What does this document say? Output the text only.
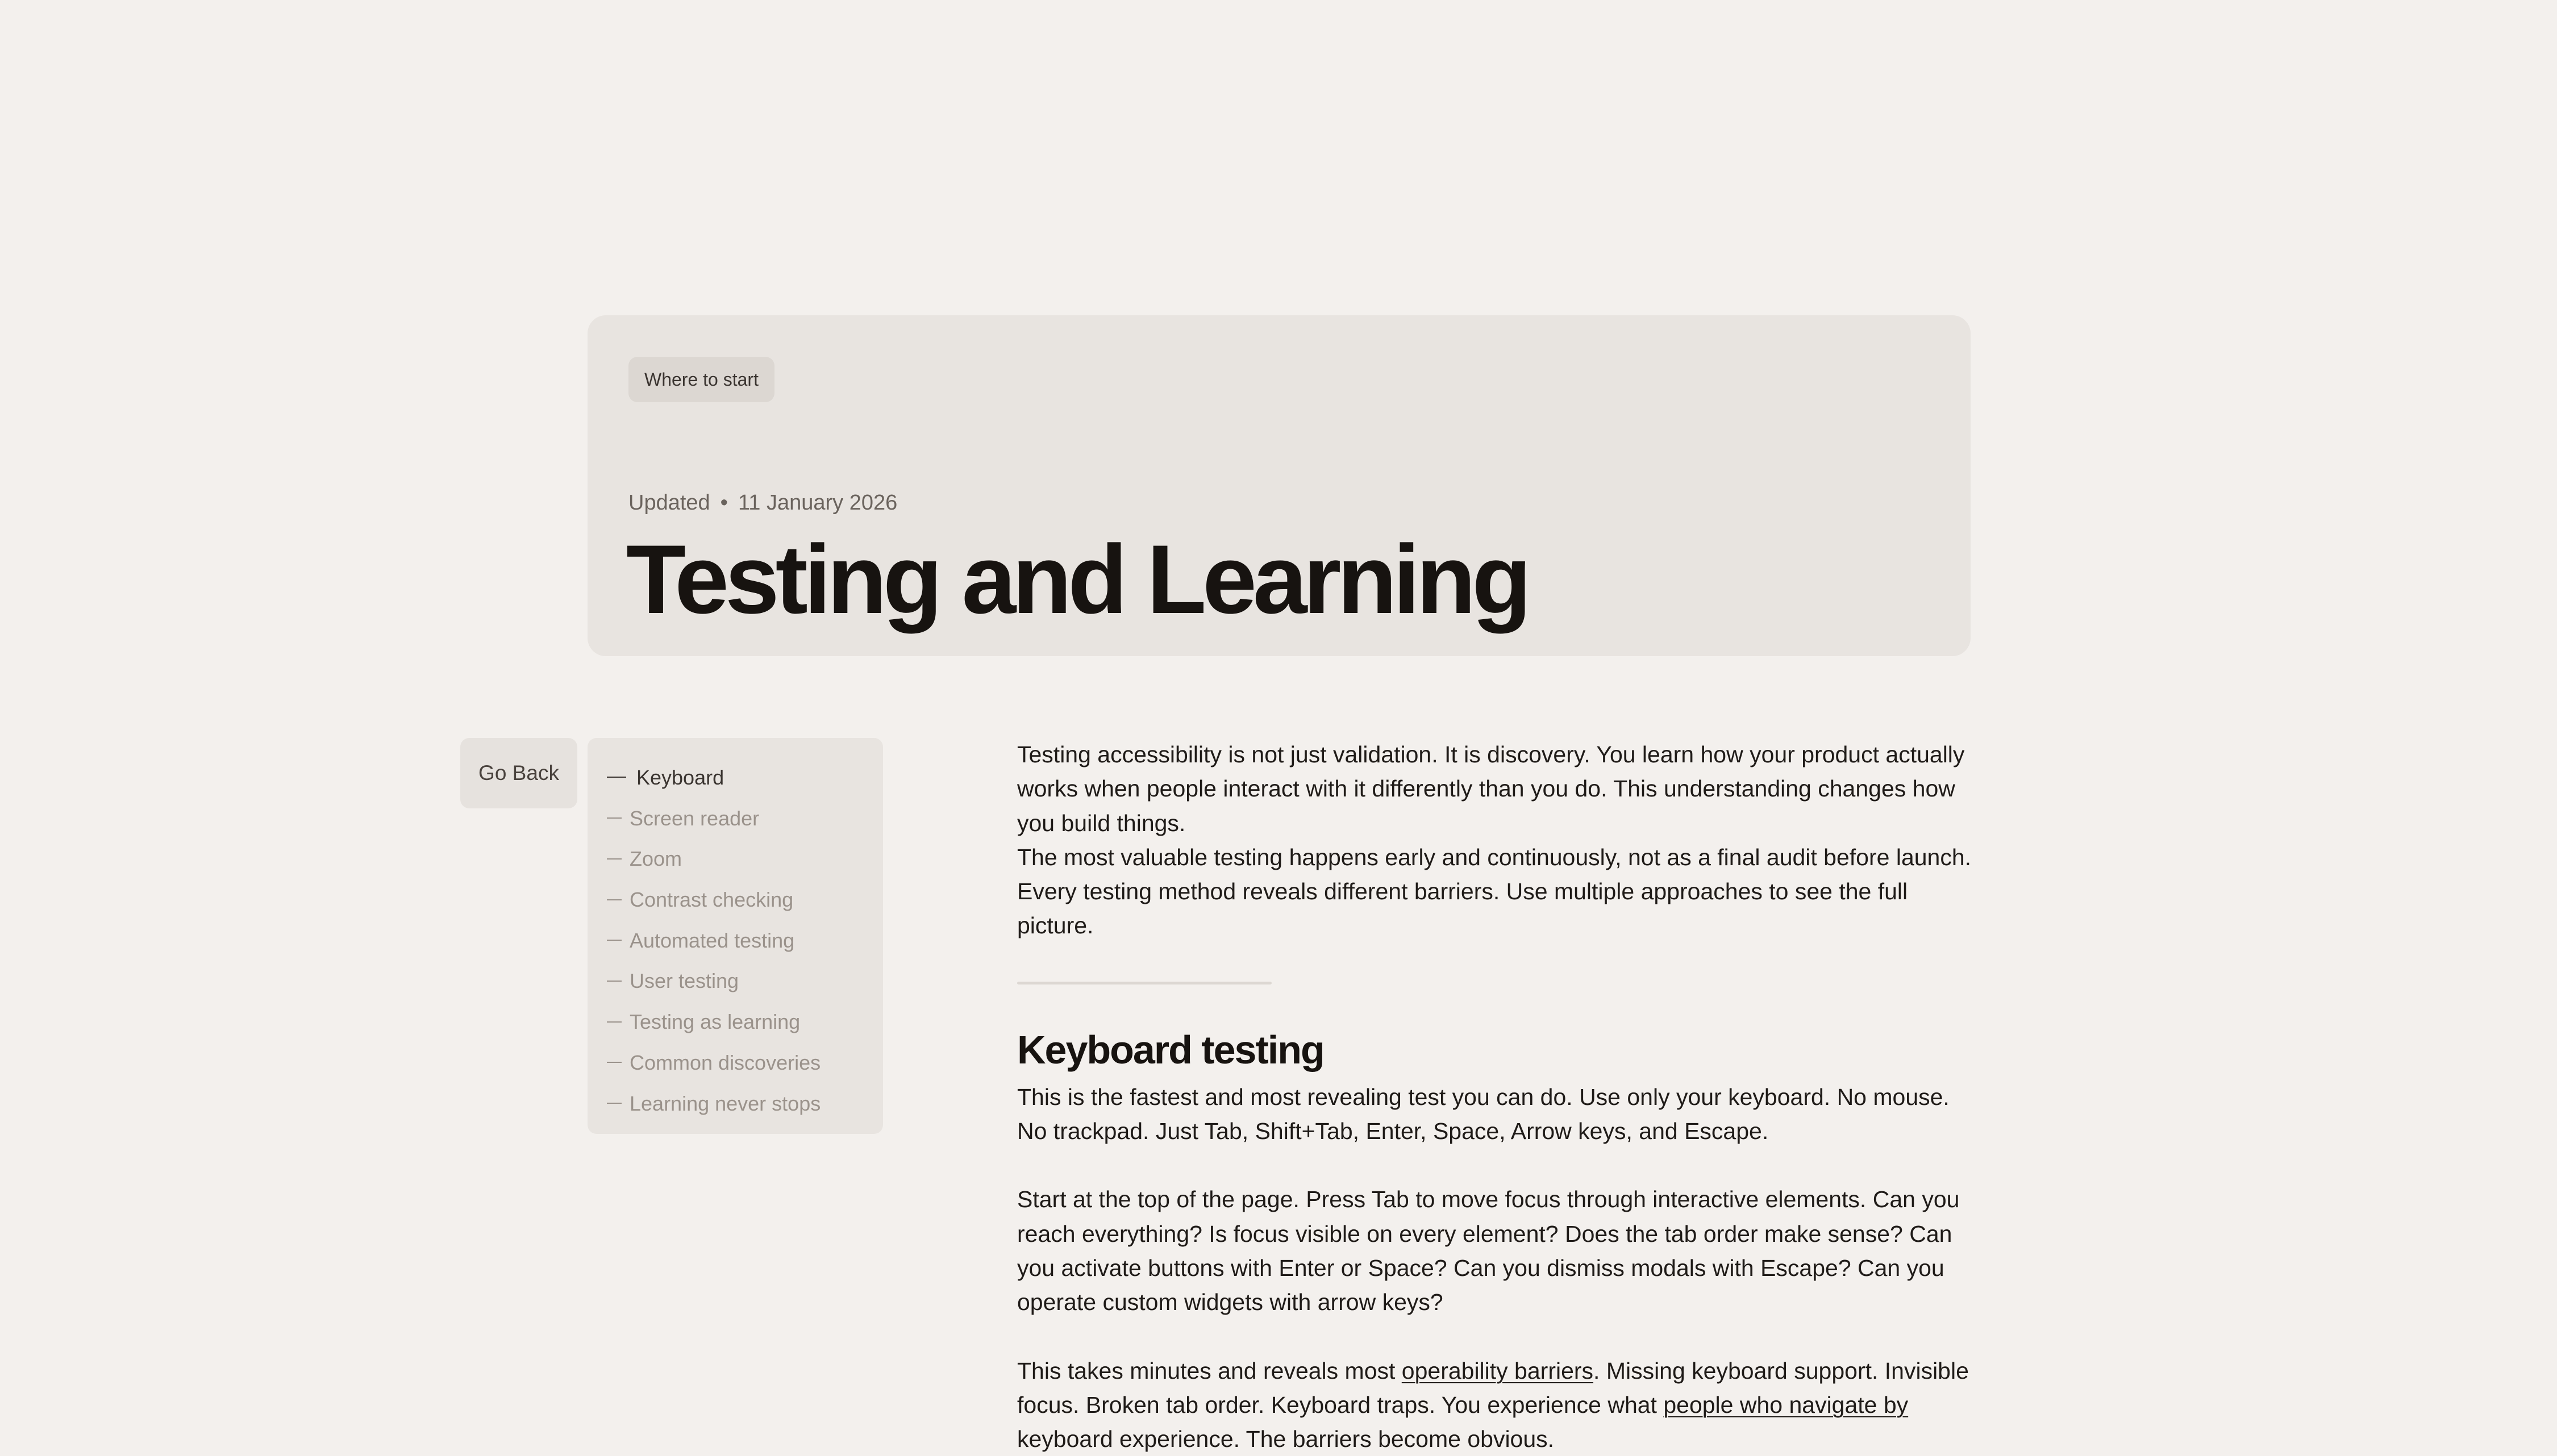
Where to start
Updated • 11 January 2026
Testing and Learning
Go Back	Keyboard
Screen reader
Zoom
Contrast checking
Automated testing
User testing
Testing as learning
Common discoveries
Learning never stops

Testing accessibility is not just validation. It is discovery. You learn how your product actually works when people interact with it differently than you do. This understanding changes how you build things.

The most valuable testing happens early and continuously, not as a final audit before launch. Every testing method reveals different barriers. Use multiple approaches to see the full picture.

Keyboard testing

This is the fastest and most revealing test you can do. Use only your keyboard. No mouse. No trackpad. Just Tab, Shift+Tab, Enter, Space, Arrow keys, and Escape.

Start at the top of the page. Press Tab to move focus through interactive elements. Can you reach everything? Is focus visible on every element? Does the tab order make sense? Can you activate buttons with Enter or Space? Can you dismiss modals with Escape? Can you operate custom widgets with arrow keys?

This takes minutes and reveals most operability barriers. Missing keyboard support. Invisible focus. Broken tab order. Keyboard traps. You experience what people who navigate by keyboard experience. The barriers become obvious.
